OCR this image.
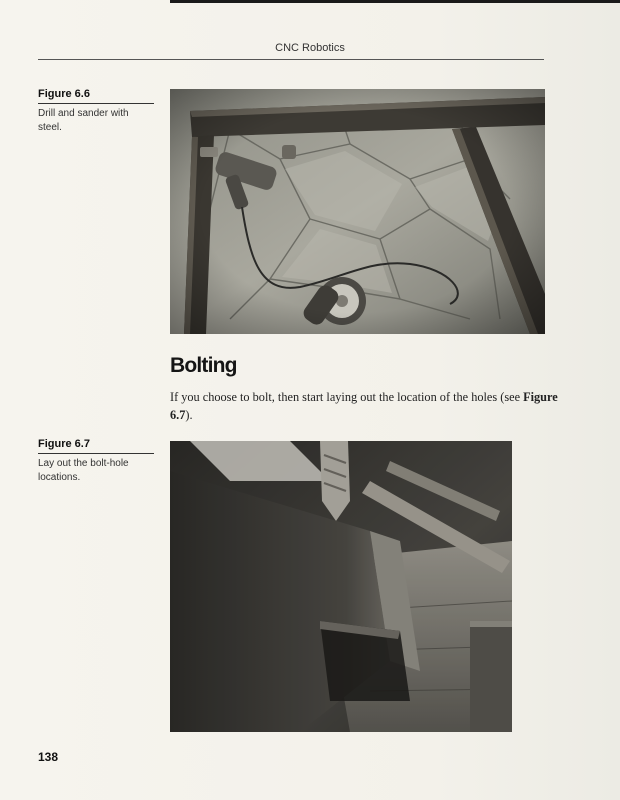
CNC Robotics
Figure 6.6
Drill and sander with steel.
Bolting
If you choose to bolt, then start laying out the location of the holes (see Figure 6.7).
Figure 6.7
Lay out the bolt-hole locations.
138
